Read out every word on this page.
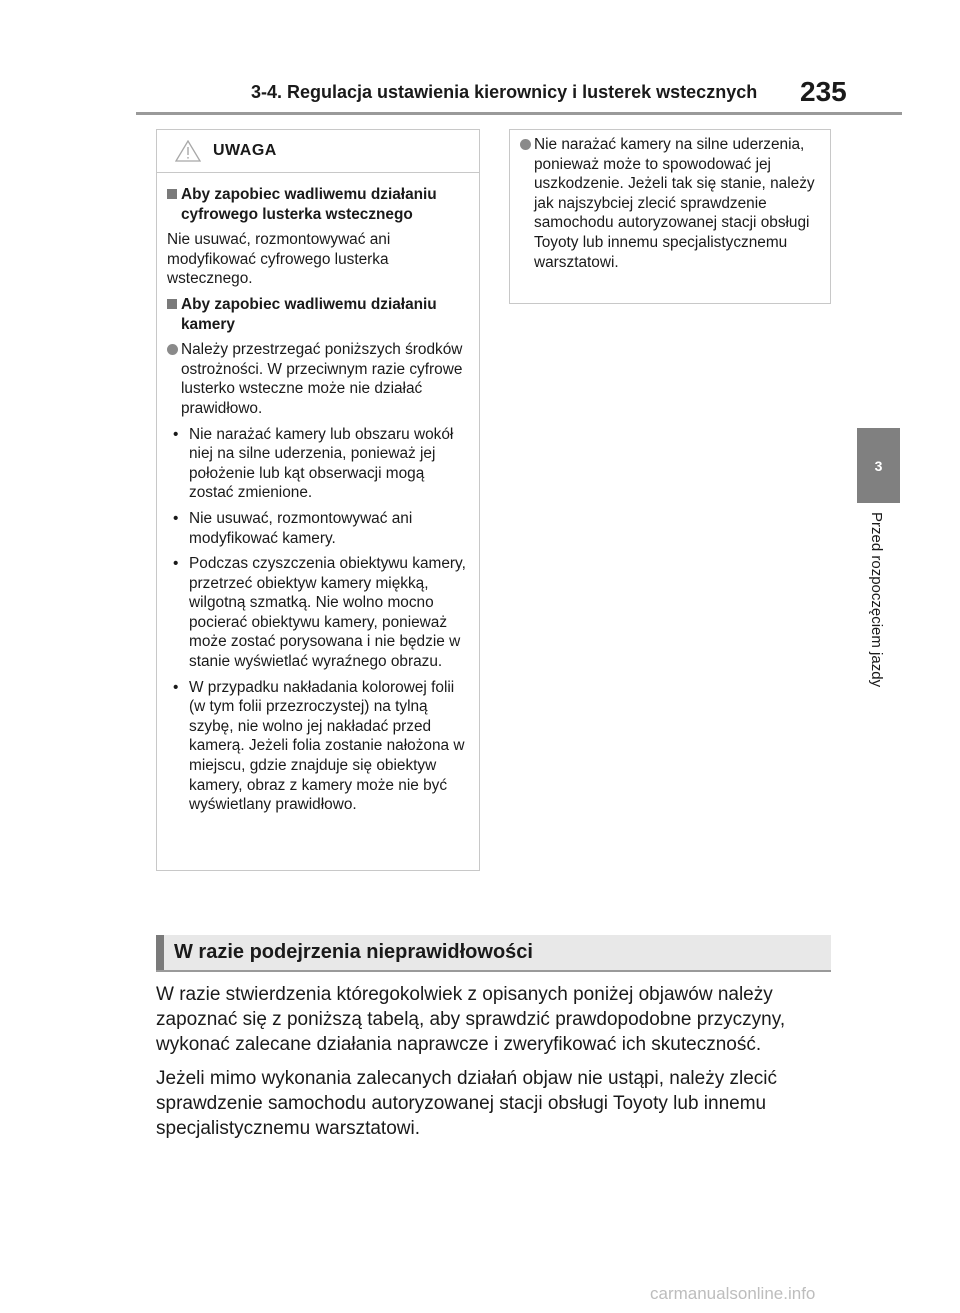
3-4. Regulacja ustawienia kierownicy i lusterek wstecznych 235
3
Przed rozpoczęciem jazdy
UWAGA
Aby zapobiec wadliwemu działaniu cyfrowego lusterka wstecznego
Nie usuwać, rozmontowywać ani modyfikować cyfrowego lusterka wstecznego.
Aby zapobiec wadliwemu działaniu kamery
Należy przestrzegać poniższych środków ostrożności. W przeciwnym razie cyfrowe lusterko wsteczne może nie działać prawidłowo.
• Nie narażać kamery lub obszaru wokół niej na silne uderzenia, ponieważ jej położenie lub kąt obserwacji mogą zostać zmienione.
• Nie usuwać, rozmontowywać ani modyfikować kamery.
• Podczas czyszczenia obiektywu kamery, przetrzeć obiektyw kamery miękką, wilgotną szmatką. Nie wolno mocno pocierać obiektywu kamery, ponieważ może zostać porysowana i nie będzie w stanie wyświetlać wyraźnego obrazu.
• W przypadku nakładania kolorowej folii (w tym folii przezroczystej) na tylną szybę, nie wolno jej nakładać przed kamerą. Jeżeli folia zostanie nałożona w miejscu, gdzie znajduje się obiektyw kamery, obraz z kamery może nie być wyświetlany prawidłowo.
Nie narażać kamery na silne uderzenia, ponieważ może to spowodować jej uszkodzenie. Jeżeli tak się stanie, należy jak najszybciej zlecić sprawdzenie samochodu autoryzowanej stacji obsługi Toyoty lub innemu specjalistycznemu warsztatowi.
W razie podejrzenia nieprawidłowości

W razie stwierdzenia któregokolwiek z opisanych poniżej objawów należy zapoznać się z poniższą tabelą, aby sprawdzić prawdopodobne przyczyny, wykonać zalecane działania naprawcze i zweryfikować ich skuteczność.

Jeżeli mimo wykonania zalecanych działań objaw nie ustąpi, należy zlecić sprawdzenie samochodu autoryzowanej stacji obsługi Toyoty lub innemu specjalistycznemu warsztatowi.

carmanualsonline.info
